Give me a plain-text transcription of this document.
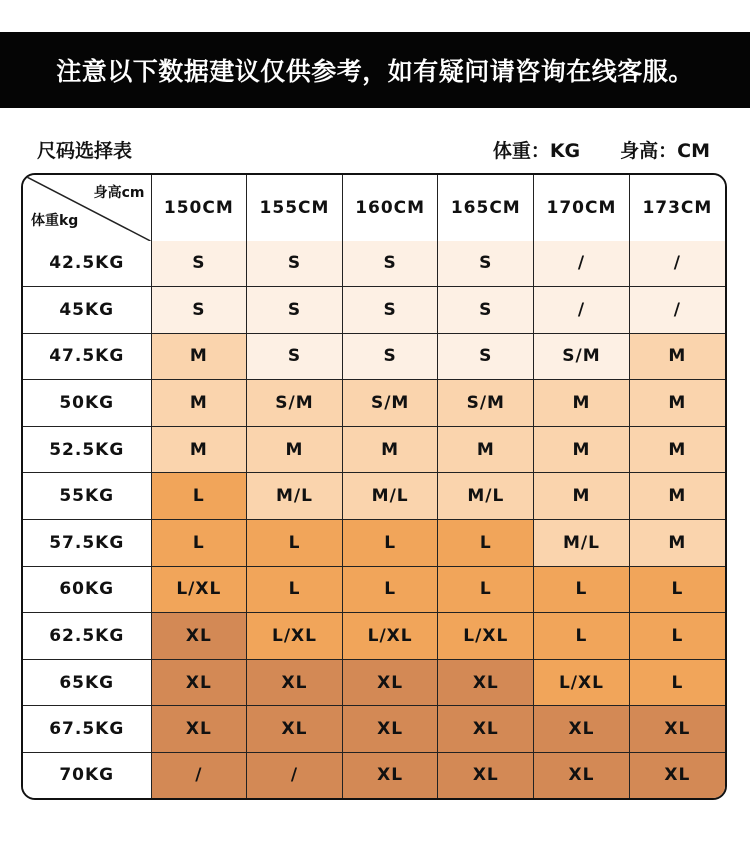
注意以下数据建议仅供参考，如有疑问请咨询在线客服。
尺码选择表	体重：KG 身高：CM
身高cm
体重kg	150CM	155CM	160CM	165CM	170CM	173CM
42.5KG	S	S	S	S	/	/
45KG	S	S	S	S	/	/
47.5KG	M	S	S	S	S/M	M
50KG	M	S/M	S/M	S/M	M	M
52.5KG	M	M	M	M	M	M
55KG	L	M/L	M/L	M/L	M	M
57.5KG	L	L	L	L	M/L	M
60KG	L/XL	L	L	L	L	L
62.5KG	XL	L/XL	L/XL	L/XL	L	L
65KG	XL	XL	XL	XL	L/XL	L
67.5KG	XL	XL	XL	XL	XL	XL
70KG	/	/	XL	XL	XL	XL
